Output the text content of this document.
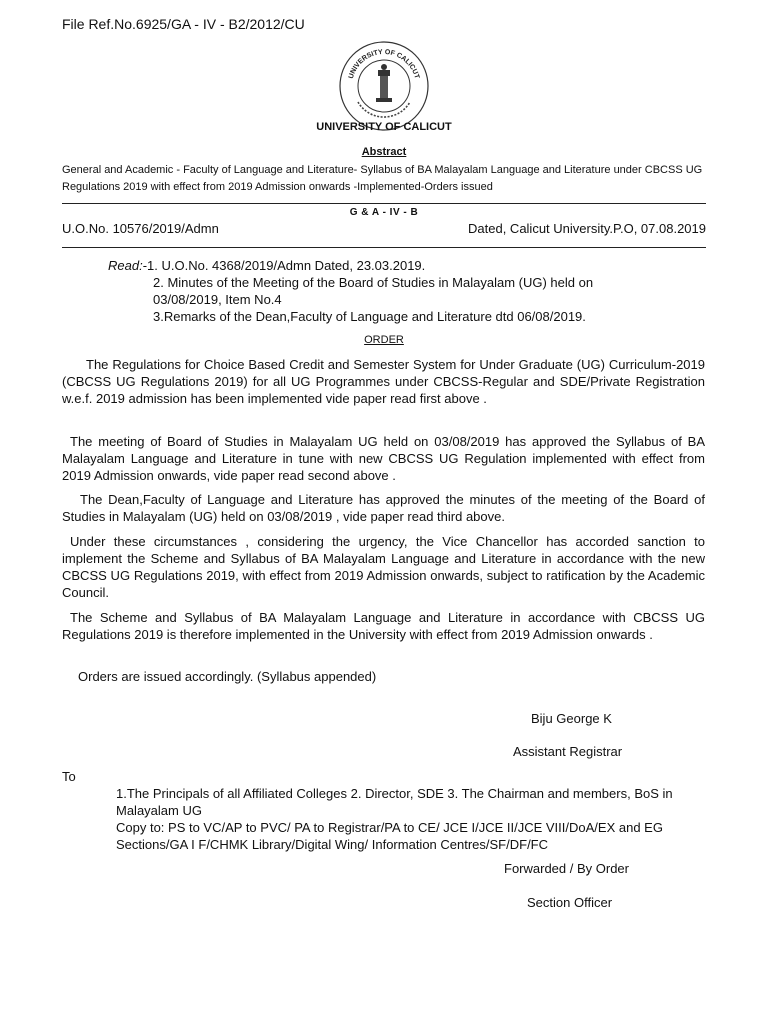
File Ref.No.6925/GA - IV - B2/2012/CU
UNIVERSITY OF CALICUT
UNIVERSITY OF CALICUT
Abstract
General and Academic - Faculty of Language and Literature- Syllabus of BA Malayalam Language and Literature under CBCSS UG Regulations 2019 with effect from 2019 Admission onwards -Implemented-Orders issued
G & A - IV - B
U.O.No. 10576/2019/Admn	Dated, Calicut University.P.O, 07.08.2019
Read:-1. U.O.No. 4368/2019/Admn Dated, 23.03.2019.
2. Minutes of the Meeting of the Board of Studies in Malayalam (UG) held on
03/08/2019, Item No.4
3.Remarks of the Dean,Faculty of Language and Literature dtd 06/08/2019.
ORDER
The Regulations for Choice Based Credit and Semester System for Under Graduate (UG) Curriculum-2019 (CBCSS UG Regulations 2019) for all UG Programmes under CBCSS-Regular and SDE/Private Registration w.e.f. 2019 admission has been implemented vide paper read first above .
The meeting of Board of Studies in Malayalam UG held on 03/08/2019 has approved the Syllabus of BA Malayalam Language and Literature in tune with new CBCSS UG Regulation implemented with effect from 2019 Admission onwards, vide paper read second above .
The Dean,Faculty of Language and Literature has approved the minutes of the meeting of the Board of Studies in Malayalam (UG) held on 03/08/2019 , vide paper read third above.
Under these circumstances , considering the urgency, the Vice Chancellor has accorded sanction to implement the Scheme and Syllabus of BA Malayalam Language and Literature in accordance with the new CBCSS UG Regulations 2019, with effect from 2019 Admission onwards, subject to ratification by the Academic Council.
The Scheme and Syllabus of BA Malayalam Language and Literature in accordance with CBCSS UG Regulations 2019 is therefore implemented in the University with effect from 2019 Admission onwards .
Orders are issued accordingly. (Syllabus appended)
Biju George K
Assistant Registrar
To
1.The Principals of all Affiliated Colleges 2. Director, SDE 3. The Chairman and members, BoS in Malayalam UG
Copy to: PS to VC/AP to PVC/ PA to Registrar/PA to CE/ JCE I/JCE II/JCE VIII/DoA/EX and EG Sections/GA I F/CHMK Library/Digital Wing/ Information Centres/SF/DF/FC
Forwarded / By Order
Section Officer
